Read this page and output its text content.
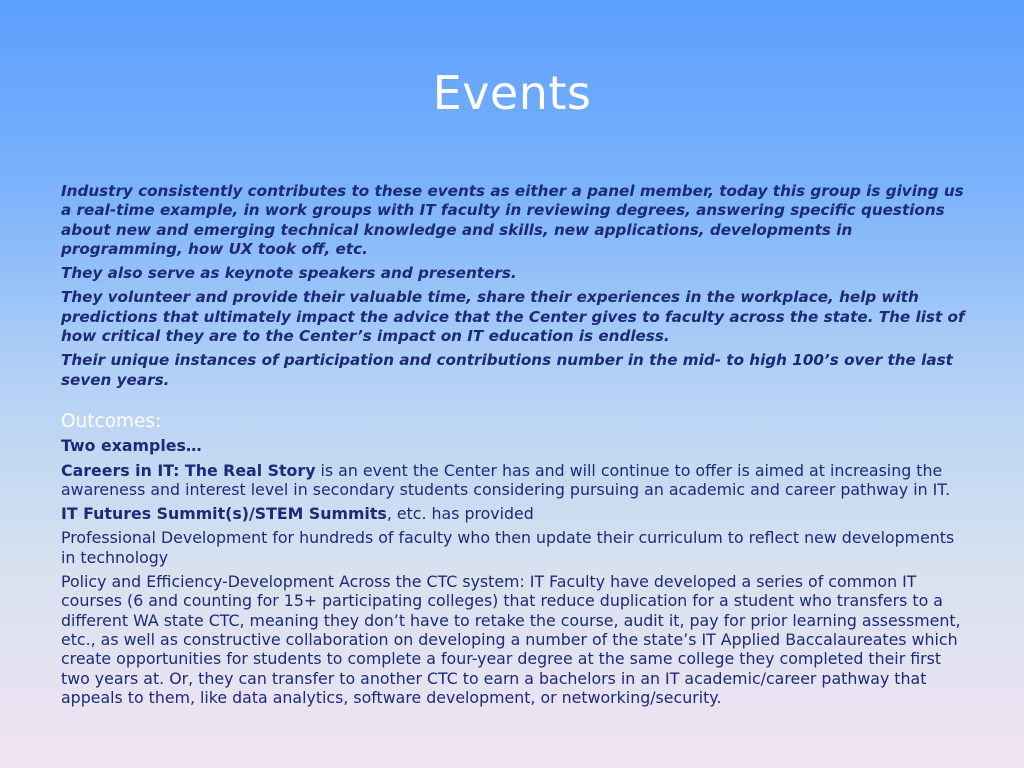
Events

Industry consistently contributes to these events as either a panel member, today this group is giving us a real-time example, in work groups with IT faculty in reviewing degrees, answering specific questions about new and emerging technical knowledge and skills, new applications, developments in programming, how UX took off, etc.

They also serve as keynote speakers and presenters.

They volunteer and provide their valuable time, share their experiences in the workplace, help with predictions that ultimately impact the advice that the Center gives to faculty across the state. The list of how critical they are to the Center’s impact on IT education is endless.

Their unique instances of participation and contributions number in the mid- to high 100’s over the last seven years.

Outcomes:

Two examples…

Careers in IT: The Real Story is an event the Center has and will continue to offer is aimed at increasing the awareness and interest level in secondary students considering pursuing an academic and career pathway in IT.

IT Futures Summit(s)/STEM Summits, etc. has provided

Professional Development for hundreds of faculty who then update their curriculum to reflect new developments in technology

Policy and Efficiency-Development Across the CTC system: IT Faculty have developed a series of common IT courses (6 and counting for 15+ participating colleges) that reduce duplication for a student who transfers to a different WA state CTC, meaning they don’t have to retake the course, audit it, pay for prior learning assessment, etc., as well as constructive collaboration on developing a number of the state’s IT Applied Baccalaureates which create opportunities for students to complete a four-year degree at the same college they completed their first two years at. Or, they can transfer to another CTC to earn a bachelors in an IT academic/career pathway that appeals to them, like data analytics, software development, or networking/security.
